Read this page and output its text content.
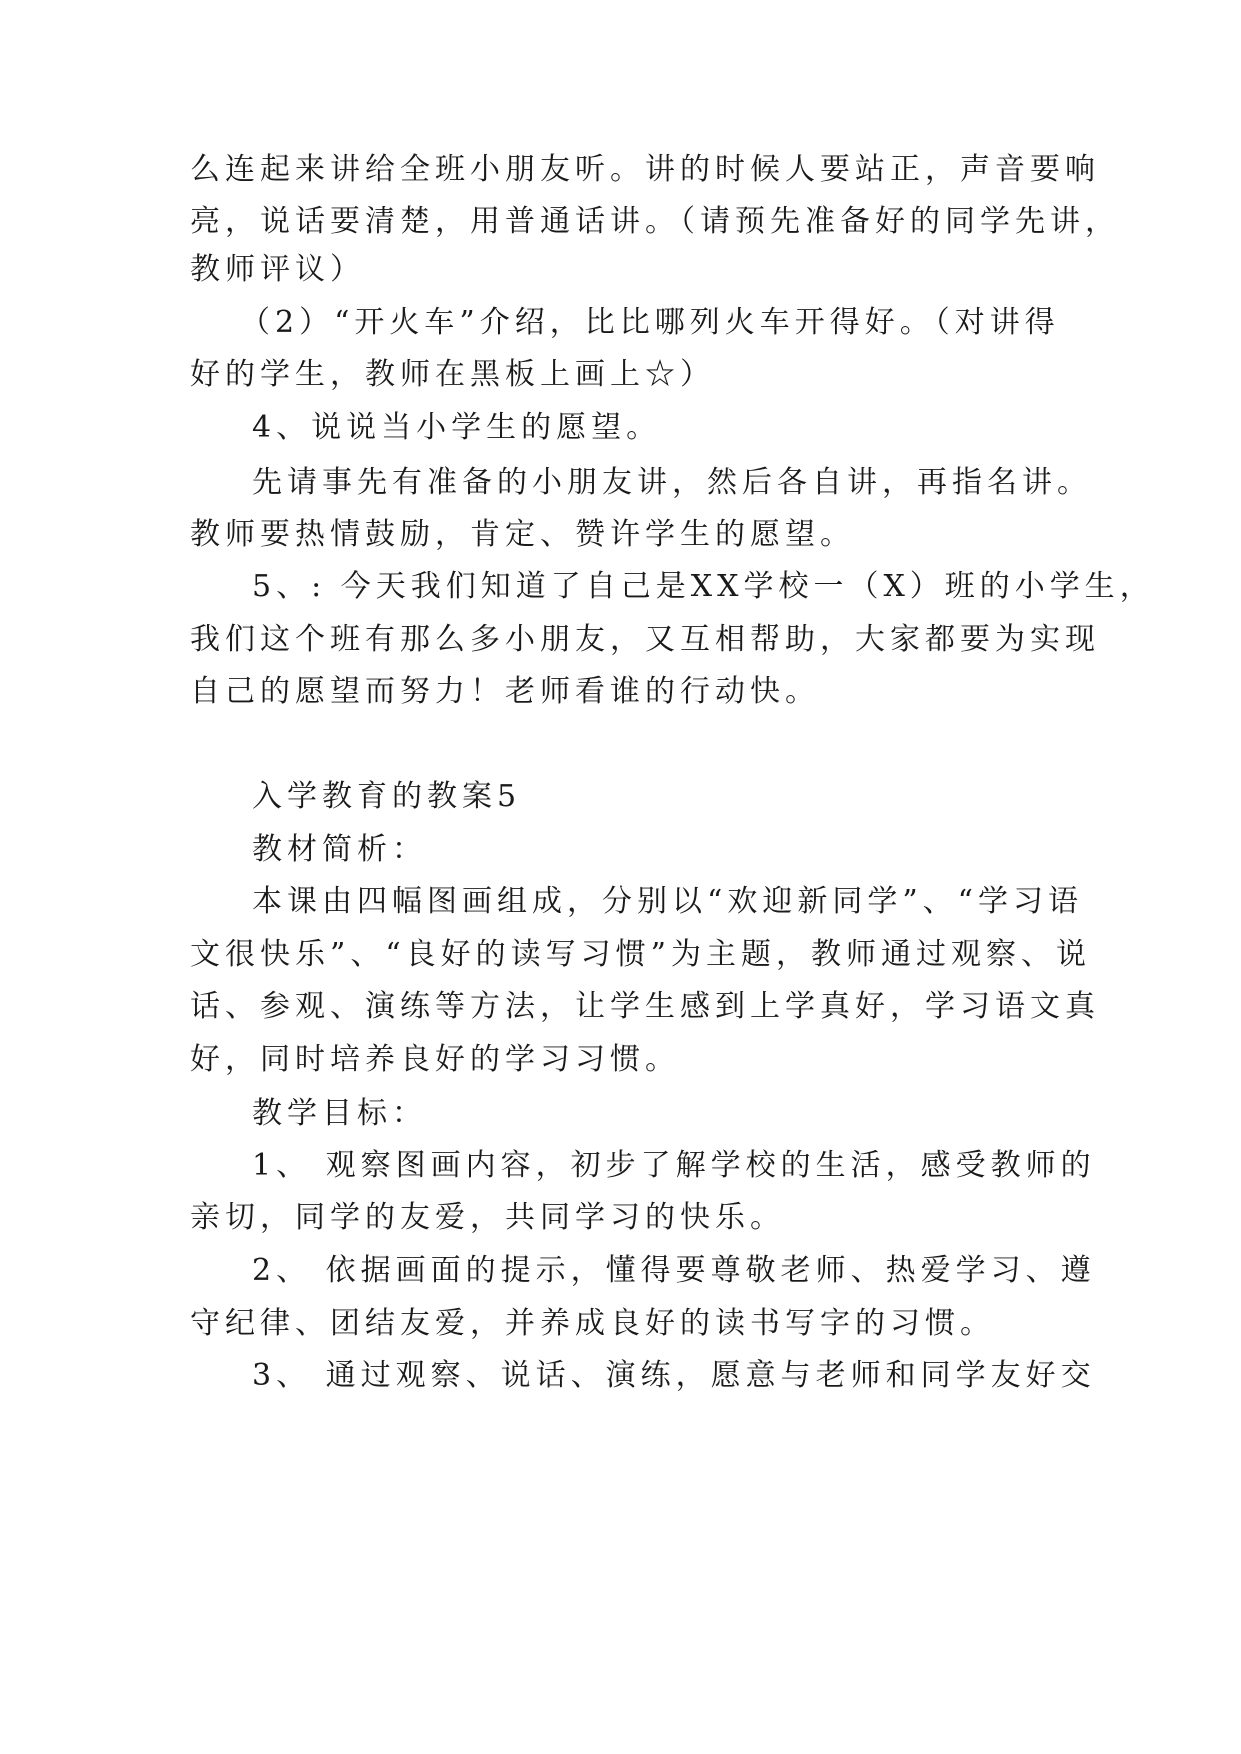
么连起来讲给全班小朋友听。讲的时候人要站正，声音要响
亮，说话要清楚，用普通话讲。（请预先准备好的同学先讲，
教师评议）
（2）“开火车”介绍，比比哪列火车开得好。（对讲得
好的学生，教师在黑板上画上☆）
4、说说当小学生的愿望。
先请事先有准备的小朋友讲，然后各自讲，再指名讲。
教师要热情鼓励，肯定、赞许学生的愿望。
5、: 今天我们知道了自己是XX学校一（X）班的小学生，
我们这个班有那么多小朋友，又互相帮助，大家都要为实现
自己的愿望而努力！老师看谁的行动快。
入学教育的教案5
教材简析：
本课由四幅图画组成，分别以“欢迎新同学”、“学习语
文很快乐”、“良好的读写习惯”为主题，教师通过观察、说
话、参观、演练等方法，让学生感到上学真好，学习语文真
好，同时培养良好的学习习惯。
教学目标：
1、 观察图画内容，初步了解学校的生活，感受教师的
亲切，同学的友爱，共同学习的快乐。
2、 依据画面的提示，懂得要尊敬老师、热爱学习、遵
守纪律、团结友爱，并养成良好的读书写字的习惯。
3、 通过观察、说话、演练，愿意与老师和同学友好交
